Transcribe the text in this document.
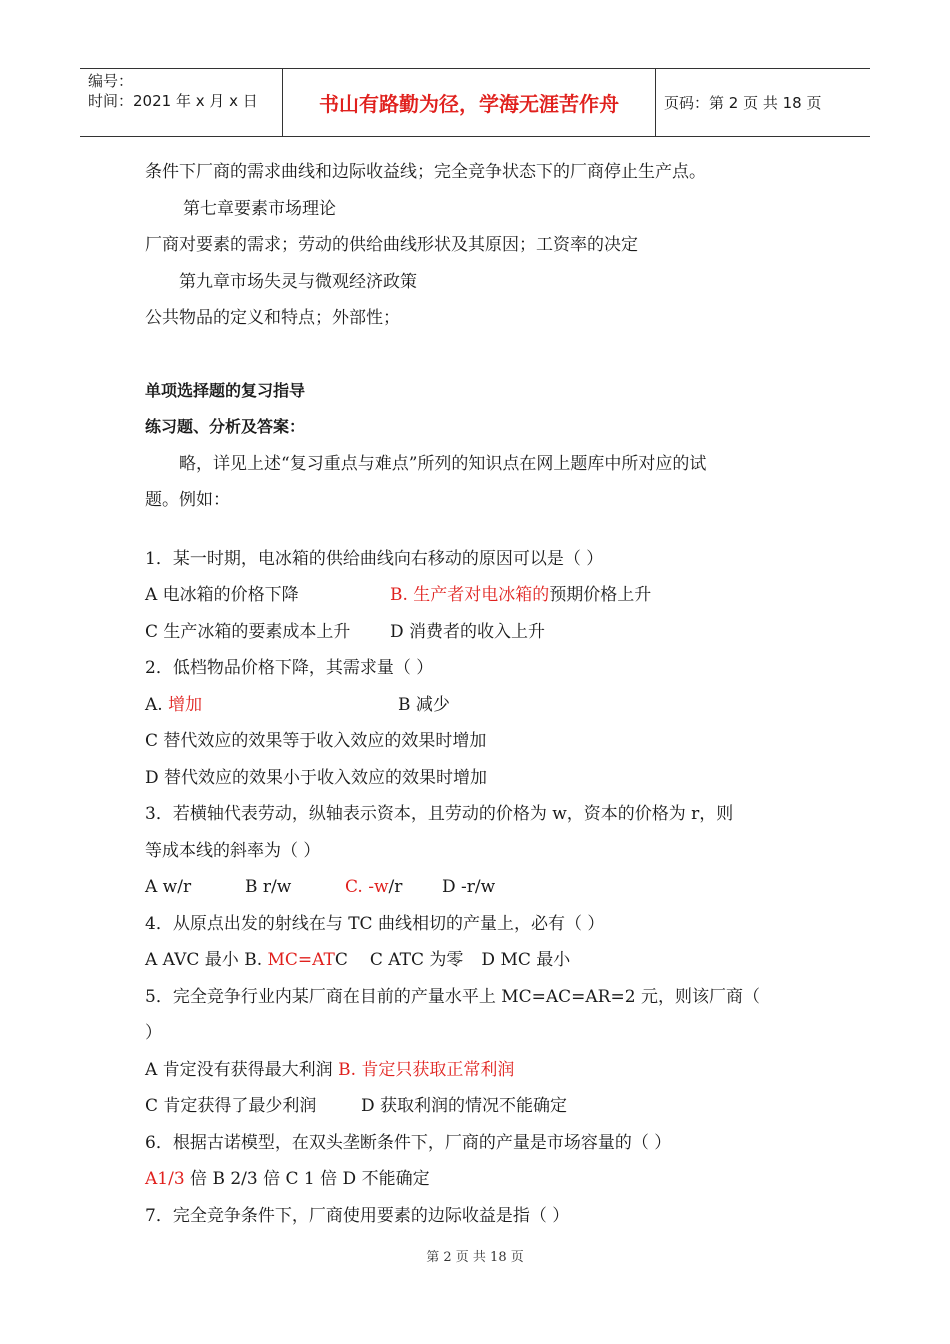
编号：
时间：2021 年 x 月 x 日	书山有路勤为径，学海无涯苦作舟	页码：第 2 页 共 18 页
条件下厂商的需求曲线和边际收益线；完全竞争状态下的厂商停止生产点。
第七章要素市场理论
厂商对要素的需求；劳动的供给曲线形状及其原因；工资率的决定
第九章市场失灵与微观经济政策
公共物品的定义和特点；外部性；
单项选择题的复习指导
练习题、分析及答案：
略，详见上述“复习重点与难点”所列的知识点在网上题库中所对应的试
题。例如：
1．某一时期，电冰箱的供给曲线向右移动的原因可以是（ ）
A 电冰箱的价格下降	B. 生产者对电冰箱的预期价格上升
C 生产冰箱的要素成本上升 D 消费者的收入上升
2．低档物品价格下降，其需求量（ ）
A. 增加	B 减少
C 替代效应的效果等于收入效应的效果时增加
D 替代效应的效果小于收入效应的效果时增加
3．若横轴代表劳动，纵轴表示资本，且劳动的价格为 w，资本的价格为 r，则
等成本线的斜率为（ ）
A w/r	B r/w	C. -w/r D -r/w
4．从原点出发的射线在与 TC 曲线相切的产量上，必有（ ）
A AVC 最小 B. MC=ATC C ATC 为零 D MC 最小
5．完全竞争行业内某厂商在目前的产量水平上 MC=AC=AR=2 元，则该厂商（
）
A 肯定没有获得最大利润 B. 肯定只获取正常利润
C 肯定获得了最少利润	D 获取利润的情况不能确定
6．根据古诺模型，在双头垄断条件下，厂商的产量是市场容量的（ ）
A1/3 倍 B 2/3 倍 C 1 倍 D 不能确定
7．完全竞争条件下，厂商使用要素的边际收益是指（ ）
第 2 页 共 18 页
